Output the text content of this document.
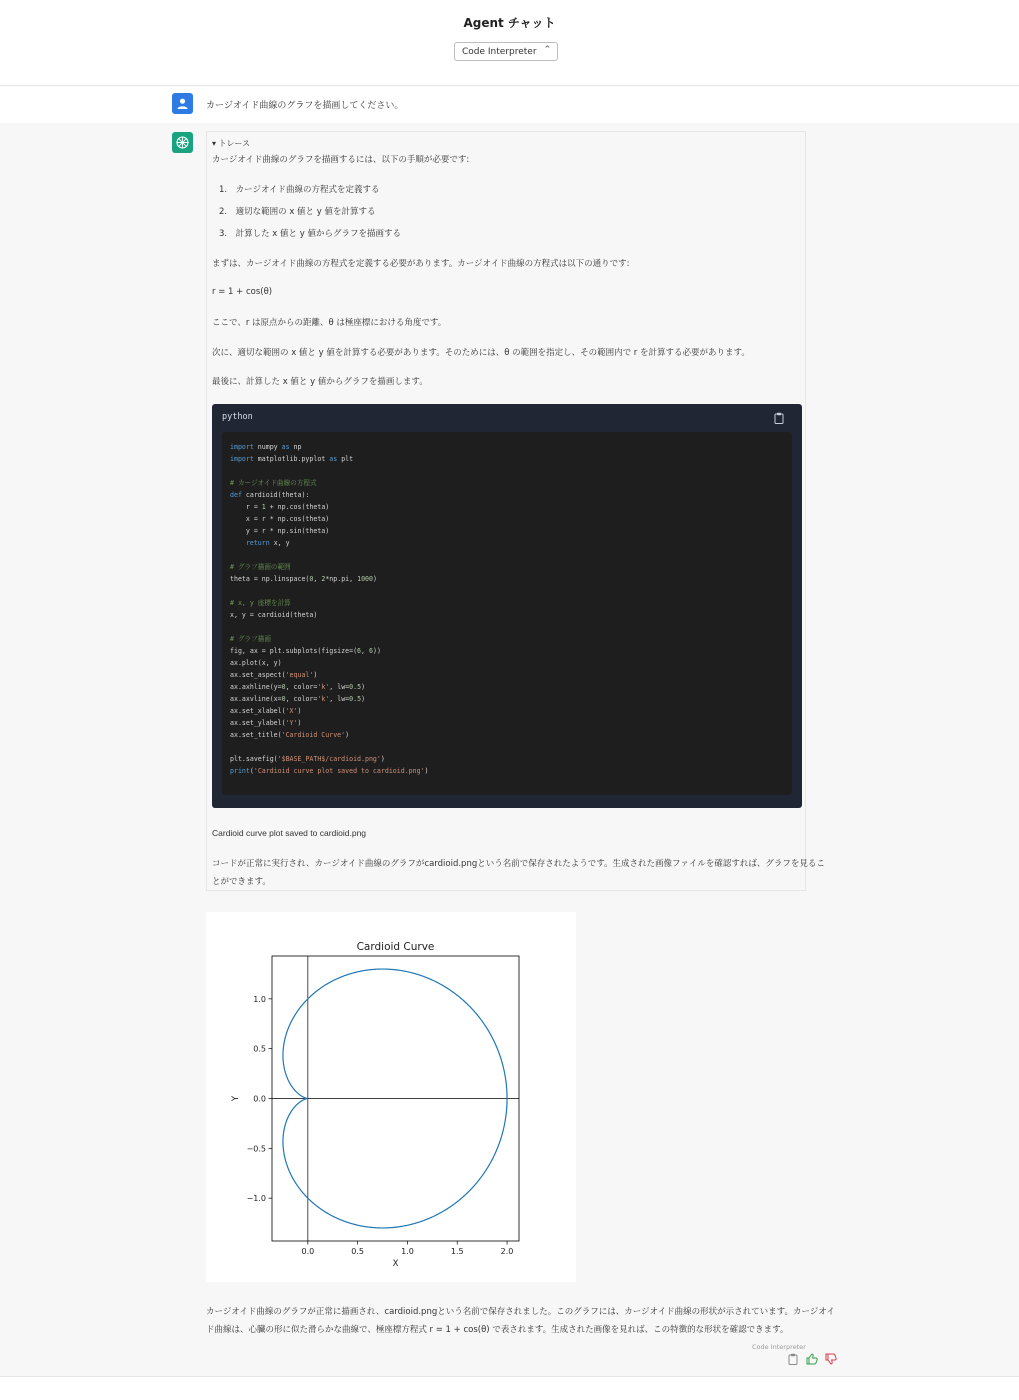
Agent チャット
Code Interpreter ⌃

カージオイド曲線のグラフを描画してください。
▾ トレース
カージオイド曲線のグラフを描画するには、以下の手順が必要です:
1.　カージオイド曲線の方程式を定義する
2.　適切な範囲の x 値と y 値を計算する
3.　計算した x 値と y 値からグラフを描画する
まずは、カージオイド曲線の方程式を定義する必要があります。カージオイド曲線の方程式は以下の通りです:
r = 1 + cos(θ)
ここで、r は原点からの距離、θ は極座標における角度です。
次に、適切な範囲の x 値と y 値を計算する必要があります。そのためには、θ の範囲を指定し、その範囲内で r を計算する必要があります。
最後に、計算した x 値と y 値からグラフを描画します。
python
import numpy as np
import matplotlib.pyplot as plt

# カージオイド曲線の方程式
def cardioid(theta):
r = 1 + np.cos(theta)
x = r * np.cos(theta)
y = r * np.sin(theta)
return x, y

# グラフ描画の範囲
theta = np.linspace(0, 2*np.pi, 1000)

# x, y 座標を計算
x, y = cardioid(theta)

# グラフ描画
fig, ax = plt.subplots(figsize=(6, 6))
ax.plot(x, y)
ax.set_aspect('equal')
ax.axhline(y=0, color='k', lw=0.5)
ax.axvline(x=0, color='k', lw=0.5)
ax.set_xlabel('X')
ax.set_ylabel('Y')
ax.set_title('Cardioid Curve')

plt.savefig('$BASE_PATH$/cardioid.png')
print('Cardioid curve plot saved to cardioid.png')
Cardioid curve plot saved to cardioid.png
コードが正常に実行され、カージオイド曲線のグラフがcardioid.pngという名前で保存されたようです。生成された画像ファイルを確認すれば、グラフを見るこ
とができます。
Cardioid Curve
0.0	0.5	1.0	1.5	2.0
1.0
0.5
0.0
−0.5
−1.0
X
Y
カージオイド曲線のグラフが正常に描画され、cardioid.pngという名前で保存されました。このグラフには、カージオイド曲線の形状が示されています。カージオイ
ド曲線は、心臓の形に似た滑らかな曲線で、極座標方程式 r = 1 + cos(θ) で表されます。生成された画像を見れば、この特徴的な形状を確認できます。
Code Interpreter
